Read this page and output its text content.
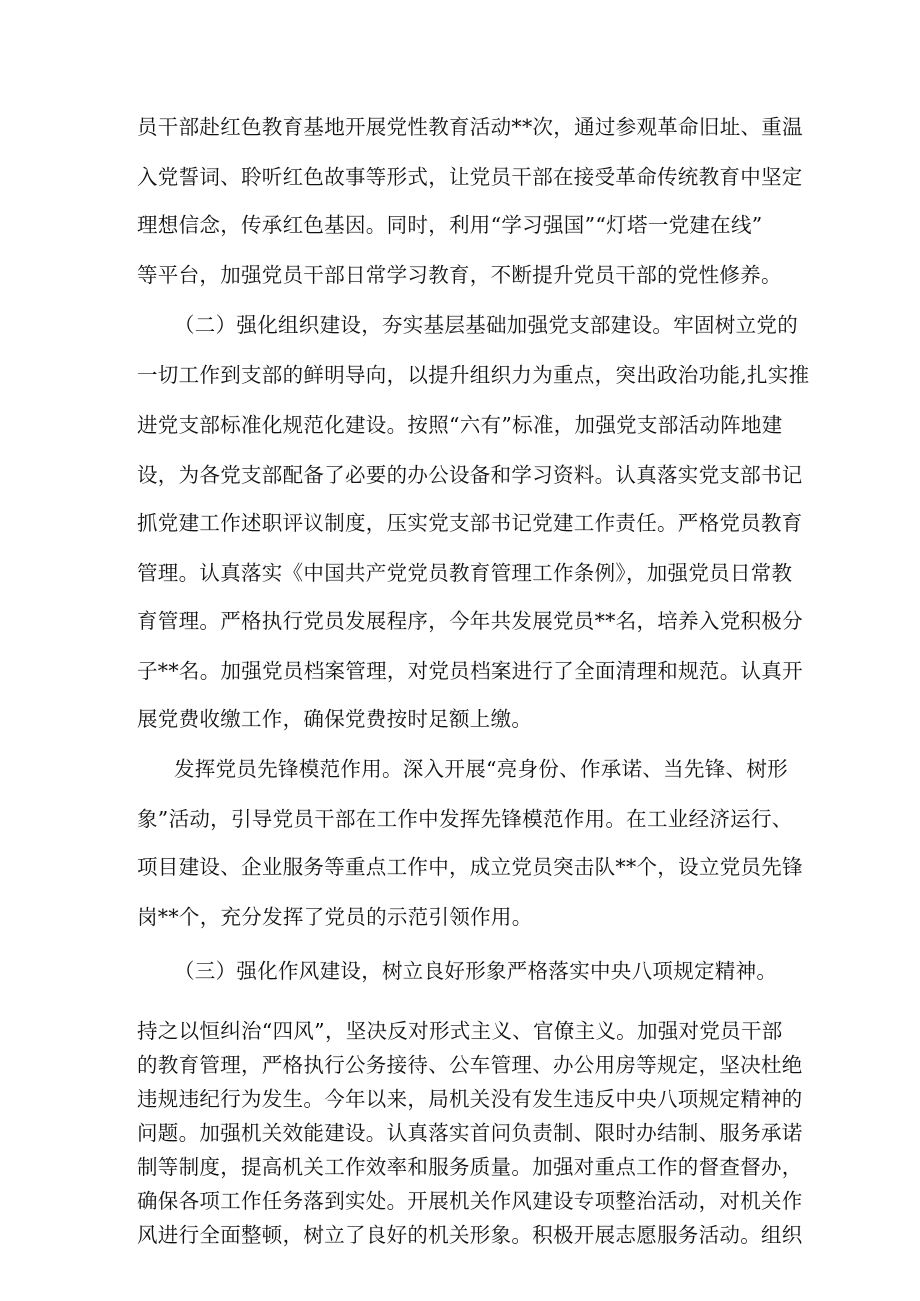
员干部赴红色教育基地开展党性教育活动**次，通过参观革命旧址、重温
入党誓词、聆听红色故事等形式，让党员干部在接受革命传统教育中坚定
理想信念，传承红色基因。同时，利用“学习强国”“灯塔一党建在线”
等平台，加强党员干部日常学习教育，不断提升党员干部的党性修养。
（二）强化组织建设，夯实基层基础加强党支部建设。牢固树立党的
一切工作到支部的鲜明导向，以提升组织力为重点，突出政治功能,扎实推
进党支部标准化规范化建设。按照“六有”标准，加强党支部活动阵地建
设，为各党支部配备了必要的办公设备和学习资料。认真落实党支部书记
抓党建工作述职评议制度，压实党支部书记党建工作责任。严格党员教育
管理。认真落实《中国共产党党员教育管理工作条例》，加强党员日常教
育管理。严格执行党员发展程序，今年共发展党员**名，培养入党积极分
子**名。加强党员档案管理，对党员档案进行了全面清理和规范。认真开
展党费收缴工作，确保党费按时足额上缴。
发挥党员先锋模范作用。深入开展“亮身份、作承诺、当先锋、树形
象”活动，引导党员干部在工作中发挥先锋模范作用。在工业经济运行、
项目建设、企业服务等重点工作中，成立党员突击队**个，设立党员先锋
岗**个，充分发挥了党员的示范引领作用。
（三）强化作风建设，树立良好形象严格落实中央八项规定精神。
持之以恒纠治“四风”，坚决反对形式主义、官僚主义。加强对党员干部
的教育管理，严格执行公务接待、公车管理、办公用房等规定，坚决杜绝
违规违纪行为发生。今年以来，局机关没有发生违反中央八项规定精神的
问题。加强机关效能建设。认真落实首问负责制、限时办结制、服务承诺
制等制度，提高机关工作效率和服务质量。加强对重点工作的督查督办，
确保各项工作任务落到实处。开展机关作风建设专项整治活动，对机关作
风进行全面整顿，树立了良好的机关形象。积极开展志愿服务活动。组织
